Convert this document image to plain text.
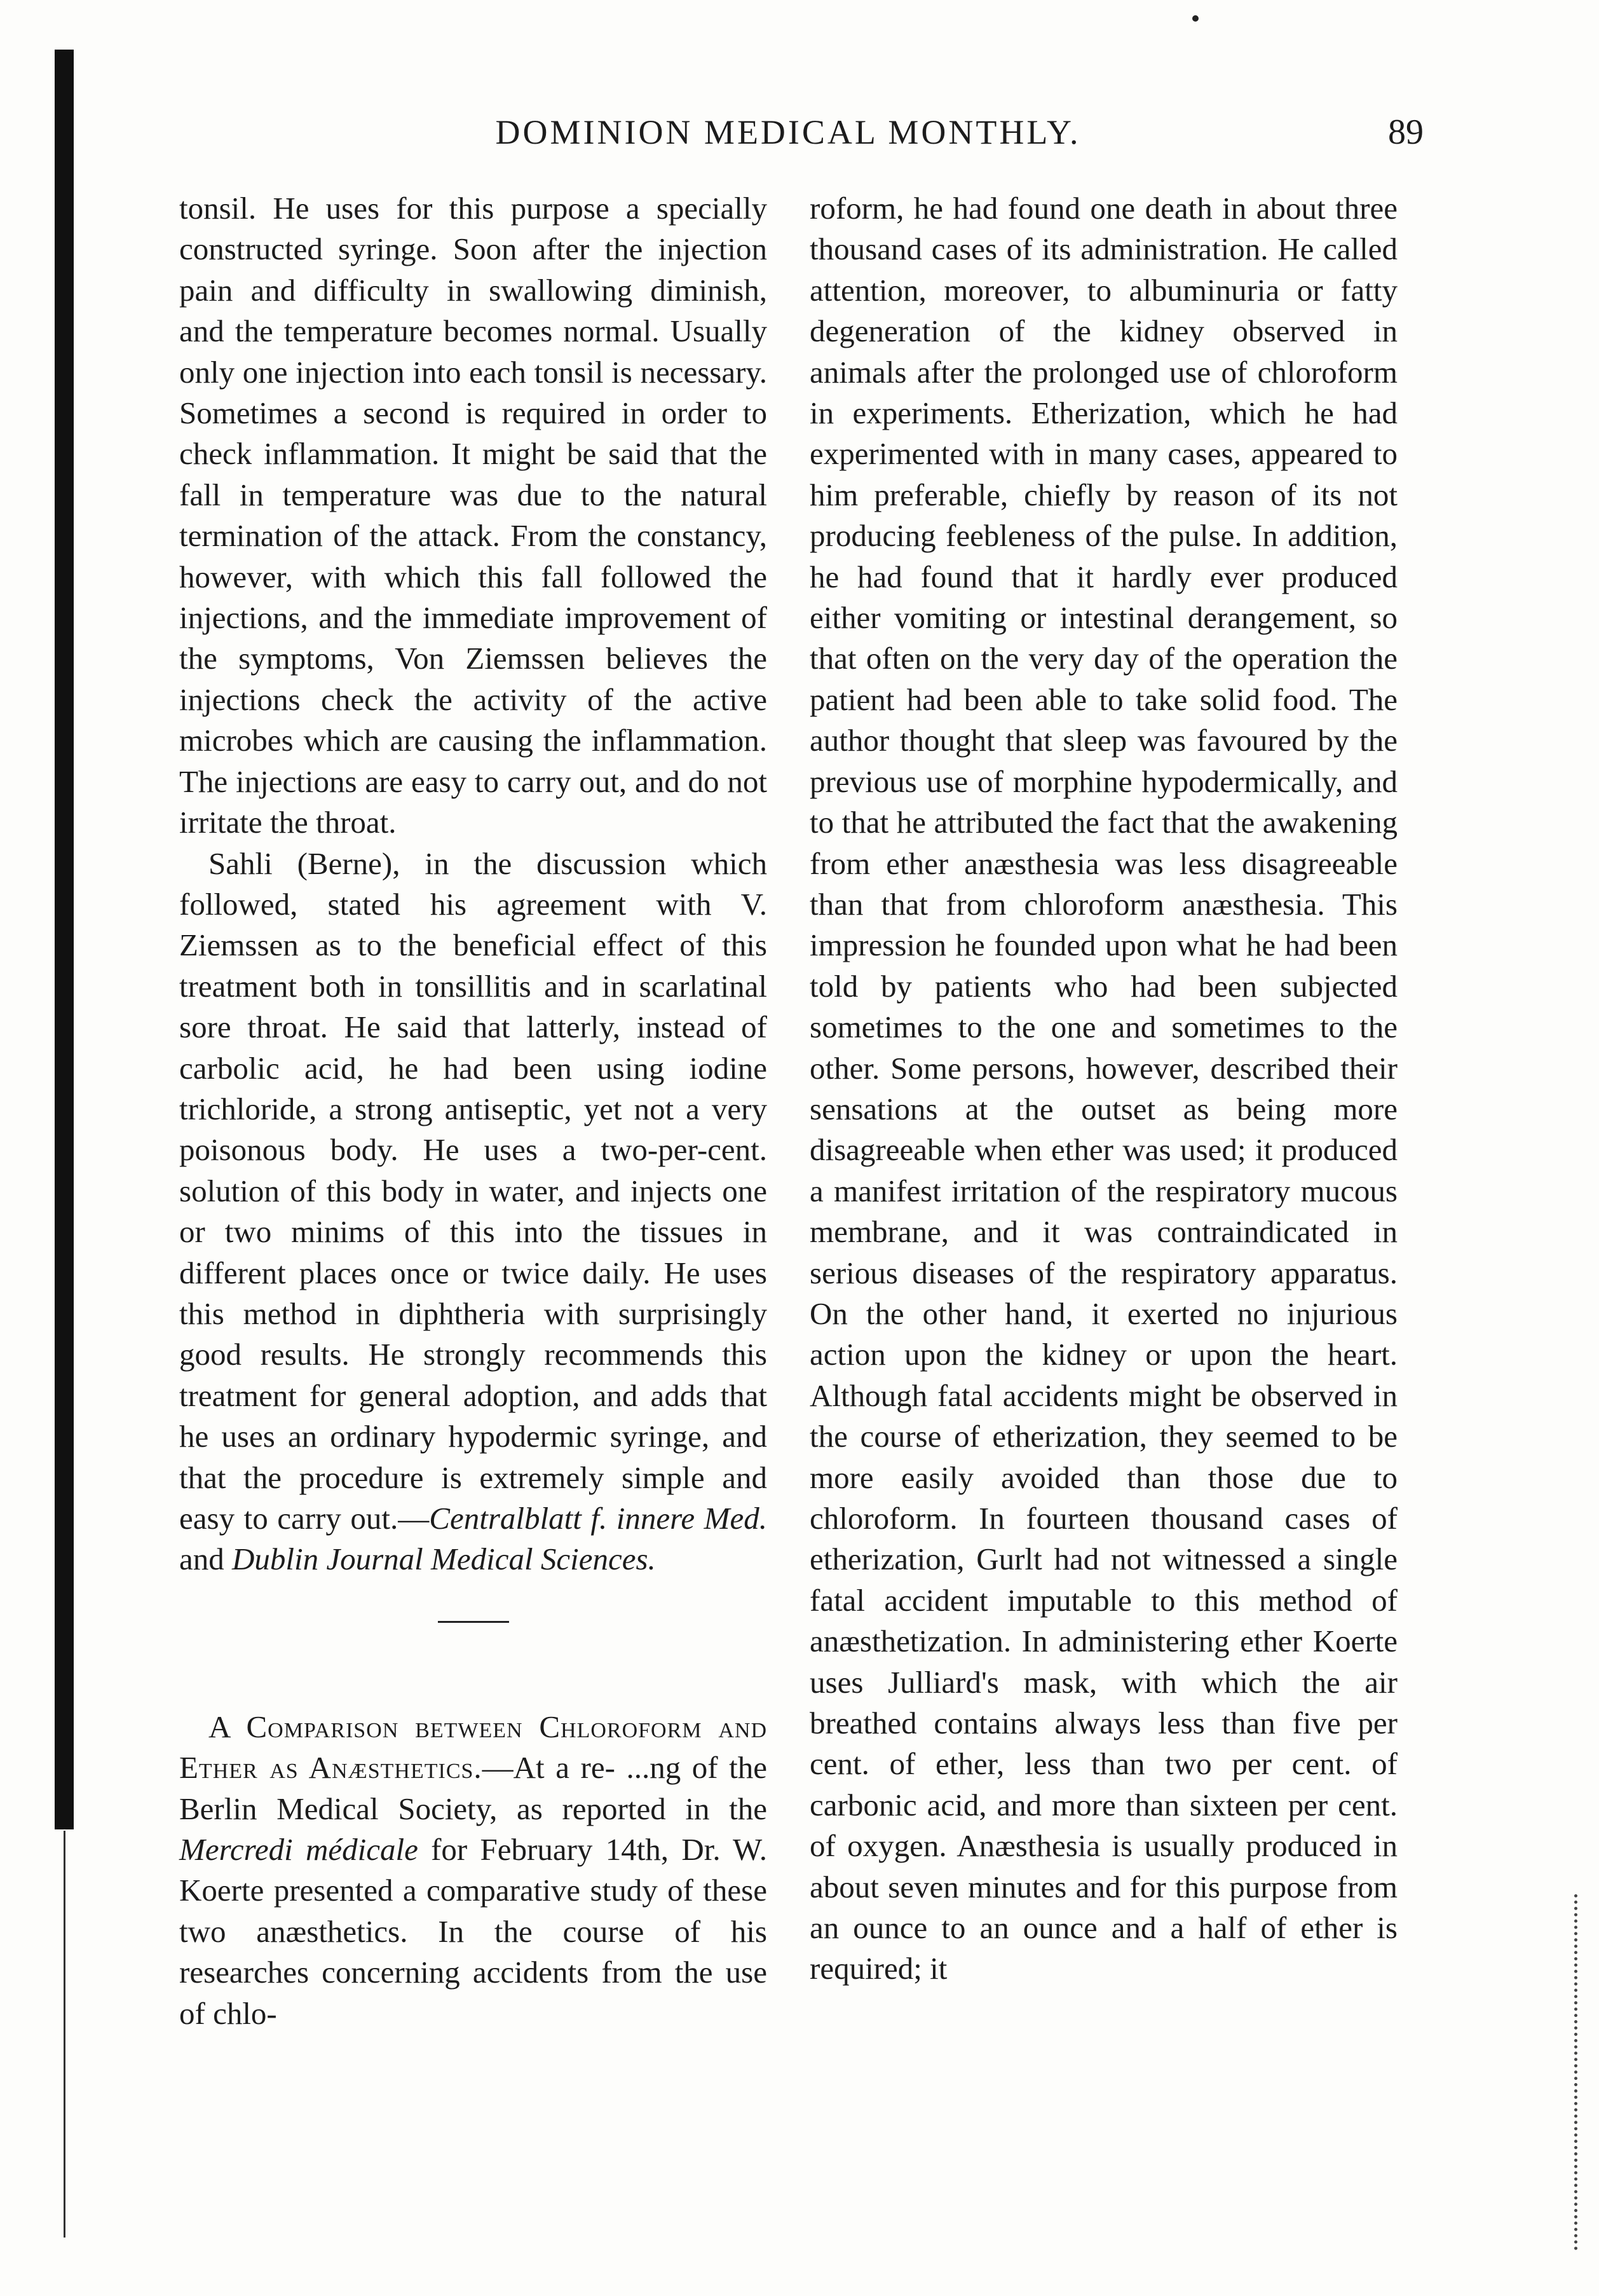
DOMINION MEDICAL MONTHLY.	89

tonsil. He uses for this purpose a specially constructed syringe. Soon after the injection pain and difficulty in swallowing diminish, and the temperature becomes normal. Usually only one injection into each tonsil is necessary. Sometimes a second is required in order to check inflammation. It might be said that the fall in temperature was due to the natural termination of the attack. From the constancy, however, with which this fall followed the injections, and the immediate improvement of the symptoms, Von Ziemssen believes the injections check the activity of the active microbes which are causing the inflammation. The injections are easy to carry out, and do not irritate the throat.

Sahli (Berne), in the discussion which followed, stated his agreement with V. Ziemssen as to the beneficial effect of this treatment both in tonsillitis and in scarlatinal sore throat. He said that latterly, instead of carbolic acid, he had been using iodine trichloride, a strong antiseptic, yet not a very poisonous body. He uses a two-per-cent. solution of this body in water, and injects one or two minims of this into the tissues in different places once or twice daily. He uses this method in diphtheria with surprisingly good results. He strongly recommends this treatment for general adoption, and adds that he uses an ordinary hypodermic syringe, and that the procedure is extremely simple and easy to carry out.—Centralblatt f. innere Med. and Dublin Journal Medical Sciences.

A Comparison between Chloroform and Ether as Anæsthetics.—At a re- ...ng of the Berlin Medical Society, as reported in the Mercredi médicale for February 14th, Dr. W. Koerte presented a comparative study of these two anæsthetics. In the course of his researches concerning accidents from the use of chlo-

roform, he had found one death in about three thousand cases of its administration. He called attention, moreover, to albuminuria or fatty degeneration of the kidney observed in animals after the prolonged use of chloroform in experiments. Etherization, which he had experimented with in many cases, appeared to him preferable, chiefly by reason of its not producing feebleness of the pulse. In addition, he had found that it hardly ever produced either vomiting or intestinal derangement, so that often on the very day of the operation the patient had been able to take solid food. The author thought that sleep was favoured by the previous use of morphine hypodermically, and to that he attributed the fact that the awakening from ether anæsthesia was less disagreeable than that from chloroform anæsthesia. This impression he founded upon what he had been told by patients who had been subjected sometimes to the one and sometimes to the other. Some persons, however, described their sensations at the outset as being more disagreeable when ether was used; it produced a manifest irritation of the respiratory mucous membrane, and it was contraindicated in serious diseases of the respiratory apparatus. On the other hand, it exerted no injurious action upon the kidney or upon the heart. Although fatal accidents might be observed in the course of etherization, they seemed to be more easily avoided than those due to chloroform. In fourteen thousand cases of etherization, Gurlt had not witnessed a single fatal accident imputable to this method of anæsthetization. In administering ether Koerte uses Julliard's mask, with which the air breathed contains always less than five per cent. of ether, less than two per cent. of carbonic acid, and more than sixteen per cent. of oxygen. Anæsthesia is usually produced in about seven minutes and for this purpose from an ounce to an ounce and a half of ether is required; it
